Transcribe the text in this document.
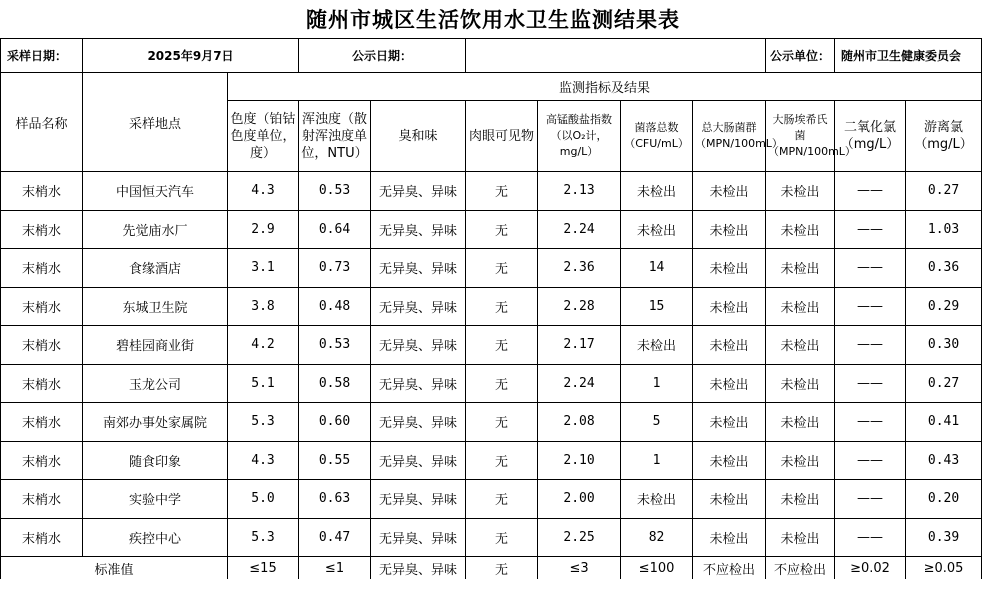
随州市城区生活饮用水卫生监测结果表
采样日期：	2025年9月7日		公示日期：						公示单位：	随州市卫生健康委员会	
样品名称	采样地点	监测指标及结果									
		色度（铂钴色度单位，度）	浑浊度（散射浑浊度单位，NTU）	臭和味	肉眼可见物	高锰酸盐指数（以O₂计，mg/L）	菌落总数（CFU/mL）	总大肠菌群（MPN/100mL）	大肠埃希氏菌（MPN/100mL）	二氧化氯（mg/L）	游离氯（mg/L）
末梢水	中国恒天汽车	4.3	0.53	无异臭、异味	无	2.13	未检出	未检出	未检出	——	0.27
末梢水	先觉庙水厂	2.9	0.64	无异臭、异味	无	2.24	未检出	未检出	未检出	——	1.03
末梢水	食缘酒店	3.1	0.73	无异臭、异味	无	2.36	14	未检出	未检出	——	0.36
末梢水	东城卫生院	3.8	0.48	无异臭、异味	无	2.28	15	未检出	未检出	——	0.29
末梢水	碧桂园商业街	4.2	0.53	无异臭、异味	无	2.17	未检出	未检出	未检出	——	0.30
末梢水	玉龙公司	5.1	0.58	无异臭、异味	无	2.24	1	未检出	未检出	——	0.27
末梢水	南郊办事处家属院	5.3	0.60	无异臭、异味	无	2.08	5	未检出	未检出	——	0.41
末梢水	随食印象	4.3	0.55	无异臭、异味	无	2.10	1	未检出	未检出	——	0.43
末梢水	实验中学	5.0	0.63	无异臭、异味	无	2.00	未检出	未检出	未检出	——	0.20
末梢水	疾控中心	5.3	0.47	无异臭、异味	无	2.25	82	未检出	未检出	——	0.39
标准值		≤15	≤1	无异臭、异味	无	≤3	≤100	不应检出	不应检出	≥0.02	≥0.05
